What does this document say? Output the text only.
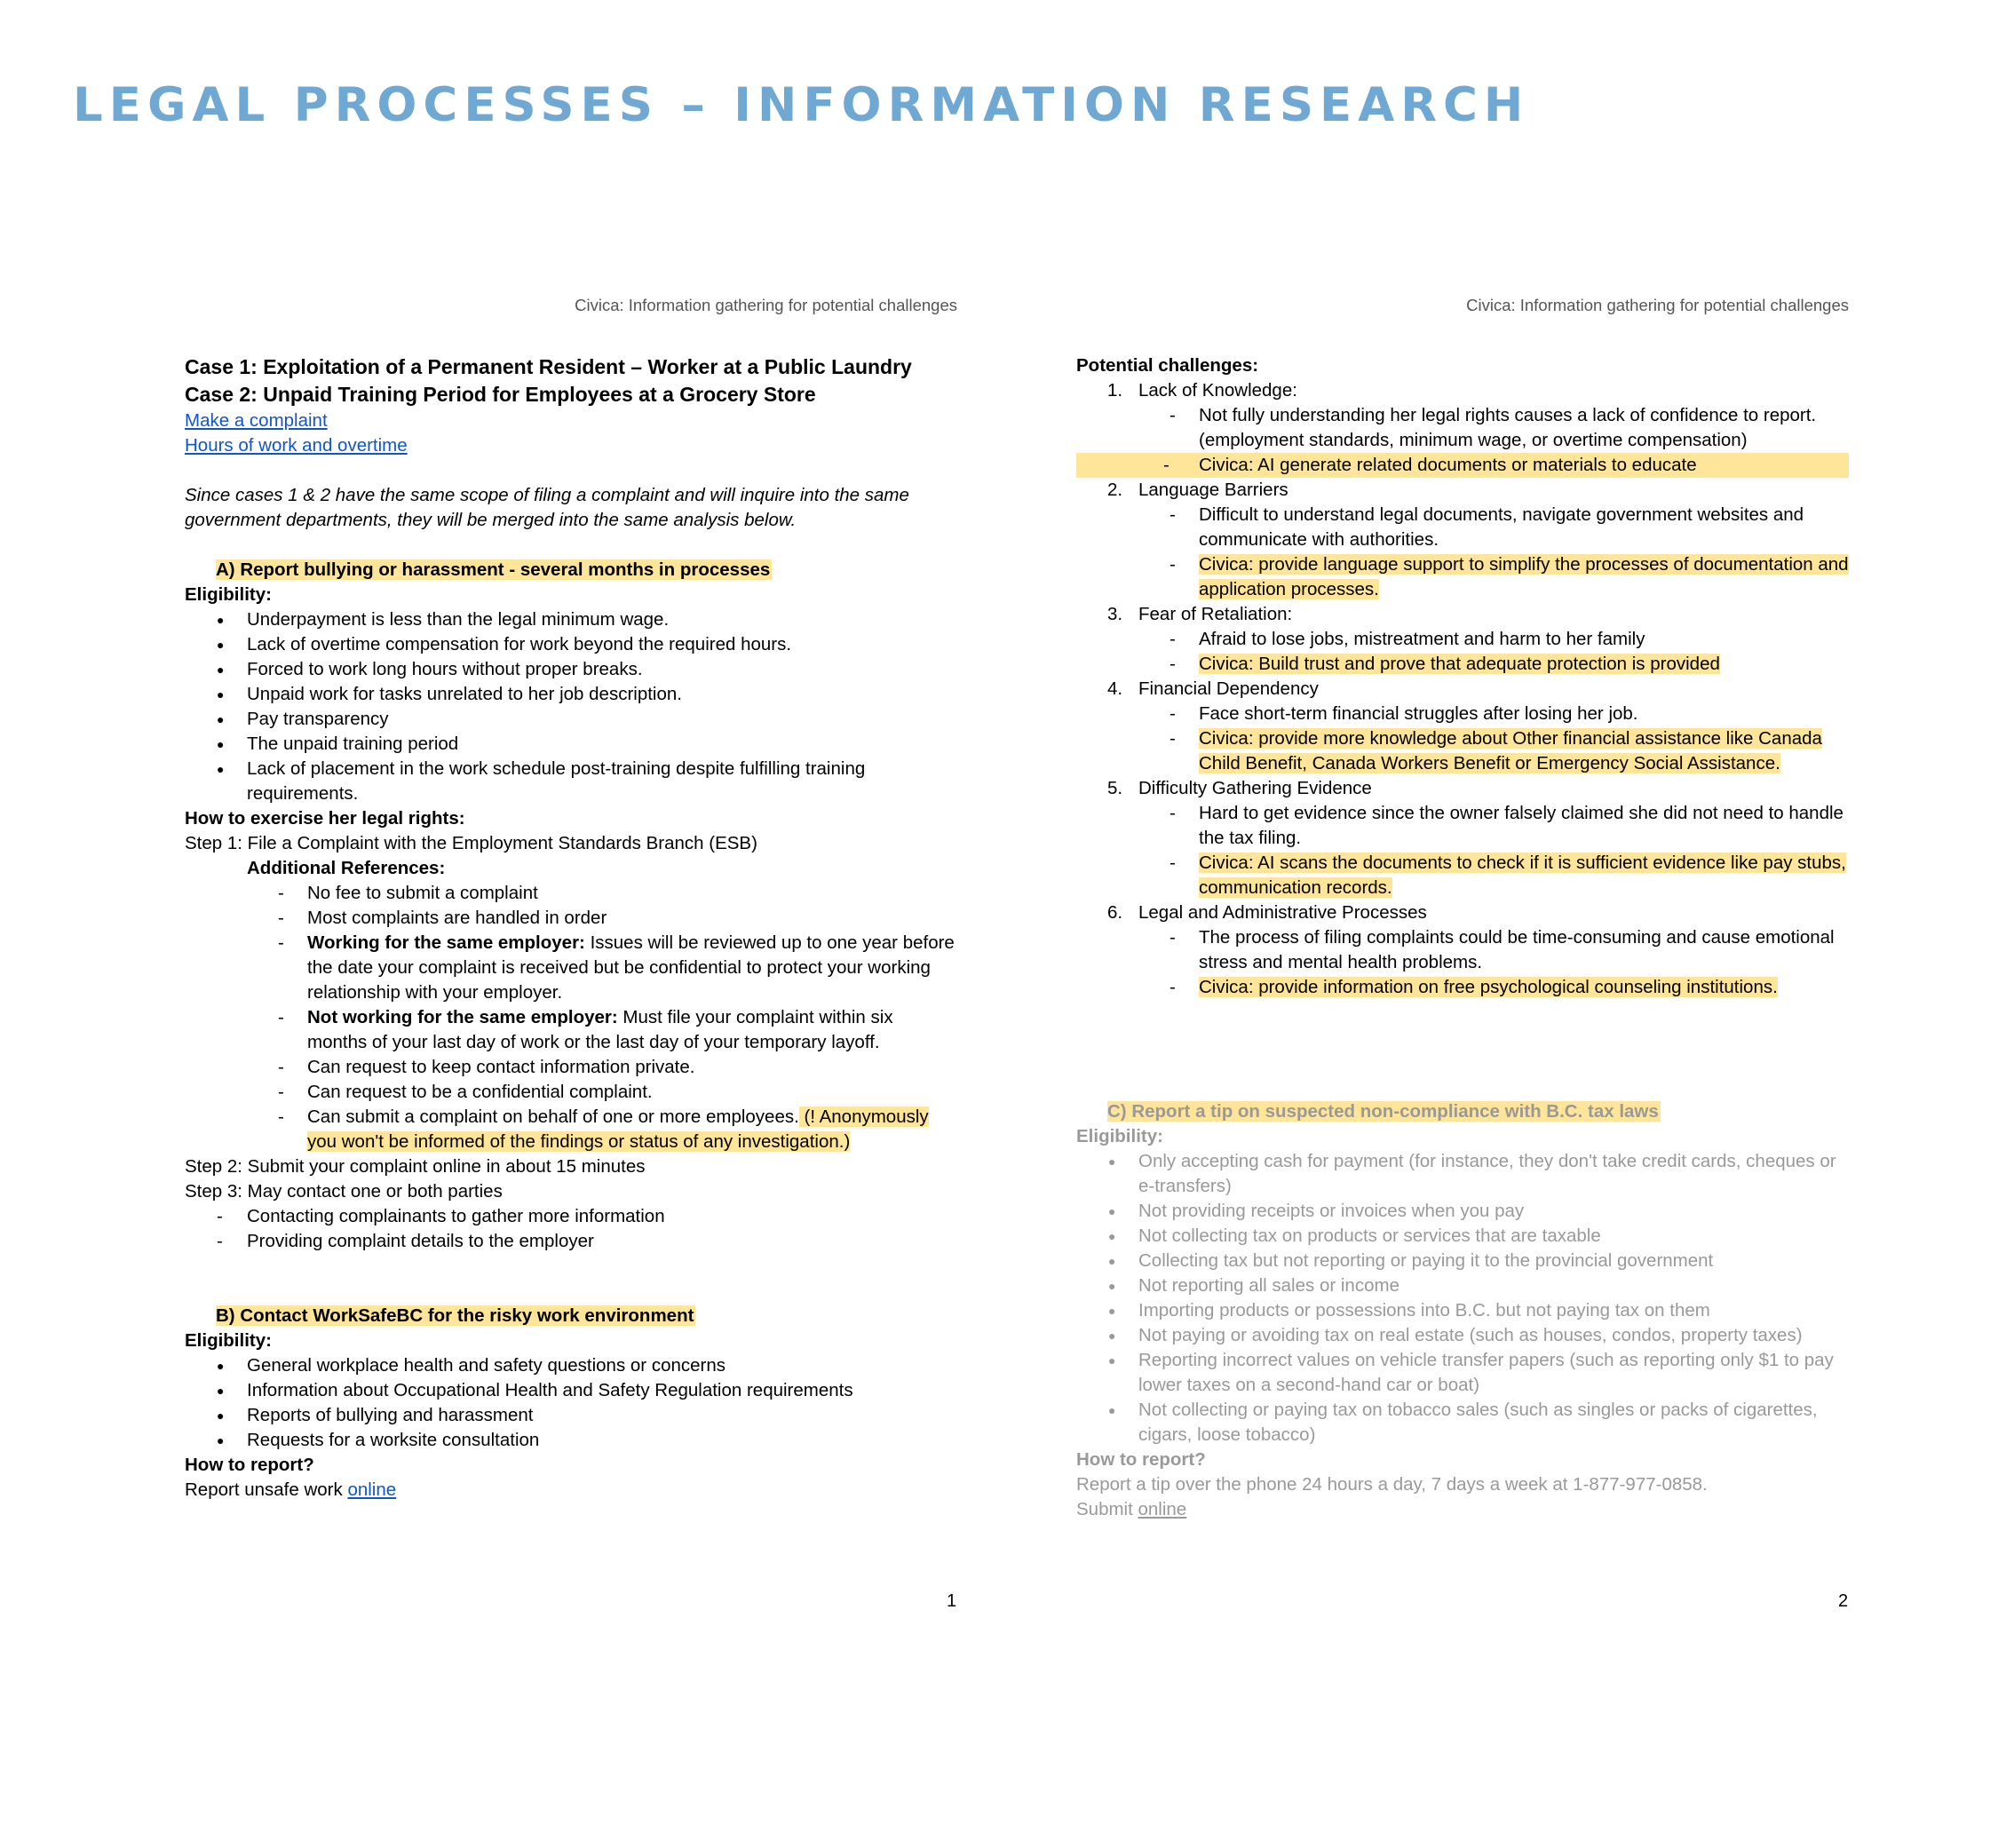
LEGAL PROCESSES – INFORMATION RESEARCH
Civica: Information gathering for potential challenges

Case 1: Exploitation of a Permanent Resident – Worker at a Public Laundry

Case 2: Unpaid Training Period for Employees at a Grocery Store

Make a complaint

Hours of work and overtime

Since cases 1 & 2 have the same scope of filing a complaint and will inquire into the same government departments, they will be merged into the same analysis below.

A) Report bullying or harassment - several months in processes

Eligibility:

● Underpayment is less than the legal minimum wage.
● Lack of overtime compensation for work beyond the required hours.
● Forced to work long hours without proper breaks.
● Unpaid work for tasks unrelated to her job description.
● Pay transparency
● The unpaid training period
● Lack of placement in the work schedule post-training despite fulfilling training requirements.

How to exercise her legal rights:

Step 1: File a Complaint with the Employment Standards Branch (ESB)

Additional References:

- No fee to submit a complaint
- Most complaints are handled in order
- Working for the same employer: Issues will be reviewed up to one year before the date your complaint is received but be confidential to protect your working relationship with your employer.
- Not working for the same employer: Must file your complaint within six months of your last day of work or the last day of your temporary layoff.
- Can request to keep contact information private.
- Can request to be a confidential complaint.
- Can submit a complaint on behalf of one or more employees. (! Anonymously you won't be informed of the findings or status of any investigation.)

Step 2: Submit your complaint online in about 15 minutes

Step 3: May contact one or both parties

- Contacting complainants to gather more information
- Providing complaint details to the employer

B) Contact WorkSafeBC for the risky work environment

Eligibility:

● General workplace health and safety questions or concerns
● Information about Occupational Health and Safety Regulation requirements
● Reports of bullying and harassment
● Requests for a worksite consultation

How to report?

Report unsafe work online

1
Civica: Information gathering for potential challenges

Potential challenges:

1. Lack of Knowledge:
- Not fully understanding her legal rights causes a lack of confidence to report. (employment standards, minimum wage, or overtime compensation)
- Civica: AI generate related documents or materials to educate
2. Language Barriers
- Difficult to understand legal documents, navigate government websites and communicate with authorities.
- Civica: provide language support to simplify the processes of documentation and application processes.
3. Fear of Retaliation:
- Afraid to lose jobs, mistreatment and harm to her family
- Civica: Build trust and prove that adequate protection is provided
4. Financial Dependency
- Face short-term financial struggles after losing her job.
- Civica: provide more knowledge about Other financial assistance like Canada Child Benefit, Canada Workers Benefit or Emergency Social Assistance.
5. Difficulty Gathering Evidence
- Hard to get evidence since the owner falsely claimed she did not need to handle the tax filing.
- Civica: AI scans the documents to check if it is sufficient evidence like pay stubs, communication records.
6. Legal and Administrative Processes
- The process of filing complaints could be time-consuming and cause emotional stress and mental health problems.
- Civica: provide information on free psychological counseling institutions.

C) Report a tip on suspected non-compliance with B.C. tax laws

Eligibility:

● Only accepting cash for payment (for instance, they don't take credit cards, cheques or e-transfers)
● Not providing receipts or invoices when you pay
● Not collecting tax on products or services that are taxable
● Collecting tax but not reporting or paying it to the provincial government
● Not reporting all sales or income
● Importing products or possessions into B.C. but not paying tax on them
● Not paying or avoiding tax on real estate (such as houses, condos, property taxes)
● Reporting incorrect values on vehicle transfer papers (such as reporting only $1 to pay lower taxes on a second-hand car or boat)
● Not collecting or paying tax on tobacco sales (such as singles or packs of cigarettes, cigars, loose tobacco)

How to report?

Report a tip over the phone 24 hours a day, 7 days a week at 1-877-977-0858.

Submit online

2
